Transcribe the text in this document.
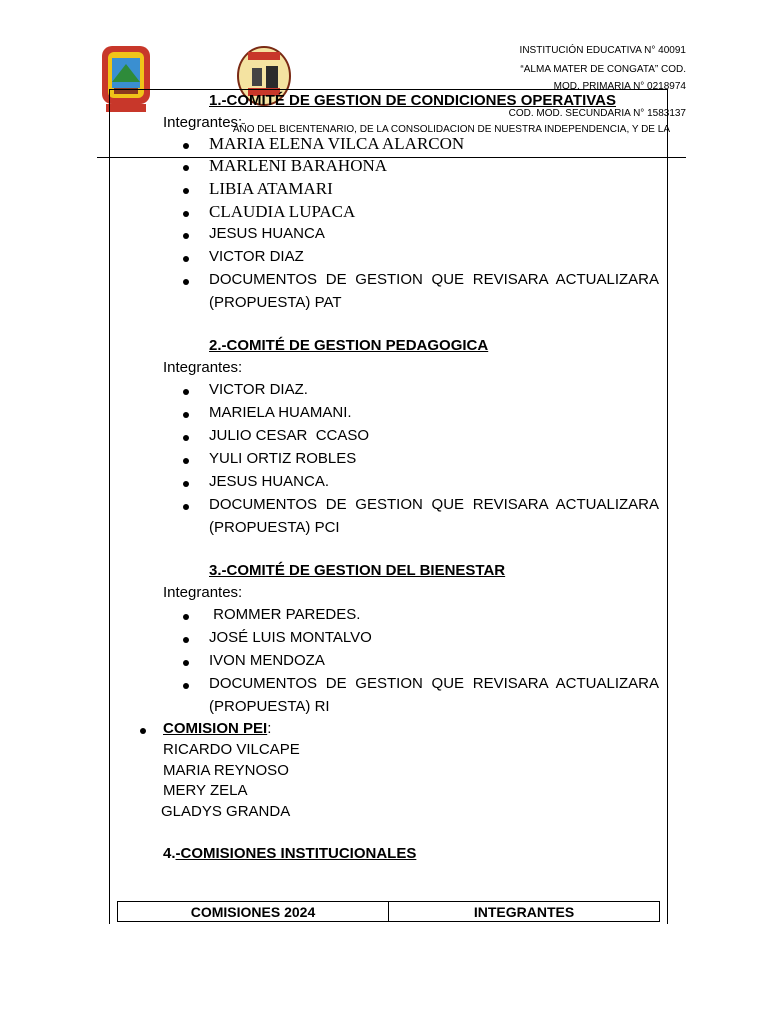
INSTITUCIÓN EDUCATIVA N° 40091
“ALMA MATER DE CONGATA” COD.
MOD. PRIMARIA N° 0218974
COD. MOD. SECUNDARIA N° 1583137
AÑO DEL BICENTENARIO, DE LA CONSOLIDACION DE NUESTRA INDEPENDENCIA, Y DE LA
1.-COMITÉ DE GESTION DE CONDICIONES OPERATIVAS
Integrantes:
MARIA ELENA VILCA ALARCON
MARLENI BARAHONA
LIBIA ATAMARI
CLAUDIA LUPACA
JESUS HUANCA
VICTOR DIAZ
DOCUMENTOS DE GESTION QUE REVISARA ACTUALIZARA
(PROPUESTA) PAT
2.-COMITÉ DE GESTION PEDAGOGICA
Integrantes:
VICTOR DIAZ.
MARIELA HUAMANI.
JULIO CESAR  CCASO
YULI ORTIZ ROBLES
JESUS HUANCA.
DOCUMENTOS DE GESTION QUE REVISARA ACTUALIZARA
(PROPUESTA) PCI
3.-COMITÉ DE GESTION DEL BIENESTAR
Integrantes:
ROMMER PAREDES.
JOSÉ LUIS MONTALVO
IVON MENDOZA
DOCUMENTOS DE GESTION QUE REVISARA ACTUALIZARA
(PROPUESTA) RI
COMISION PEI:
RICARDO VILCAPE
MARIA REYNOSO
MERY ZELA
GLADYS GRANDA
4.-COMISIONES INSTITUCIONALES
COMISIONES 2024	INTEGRANTES
